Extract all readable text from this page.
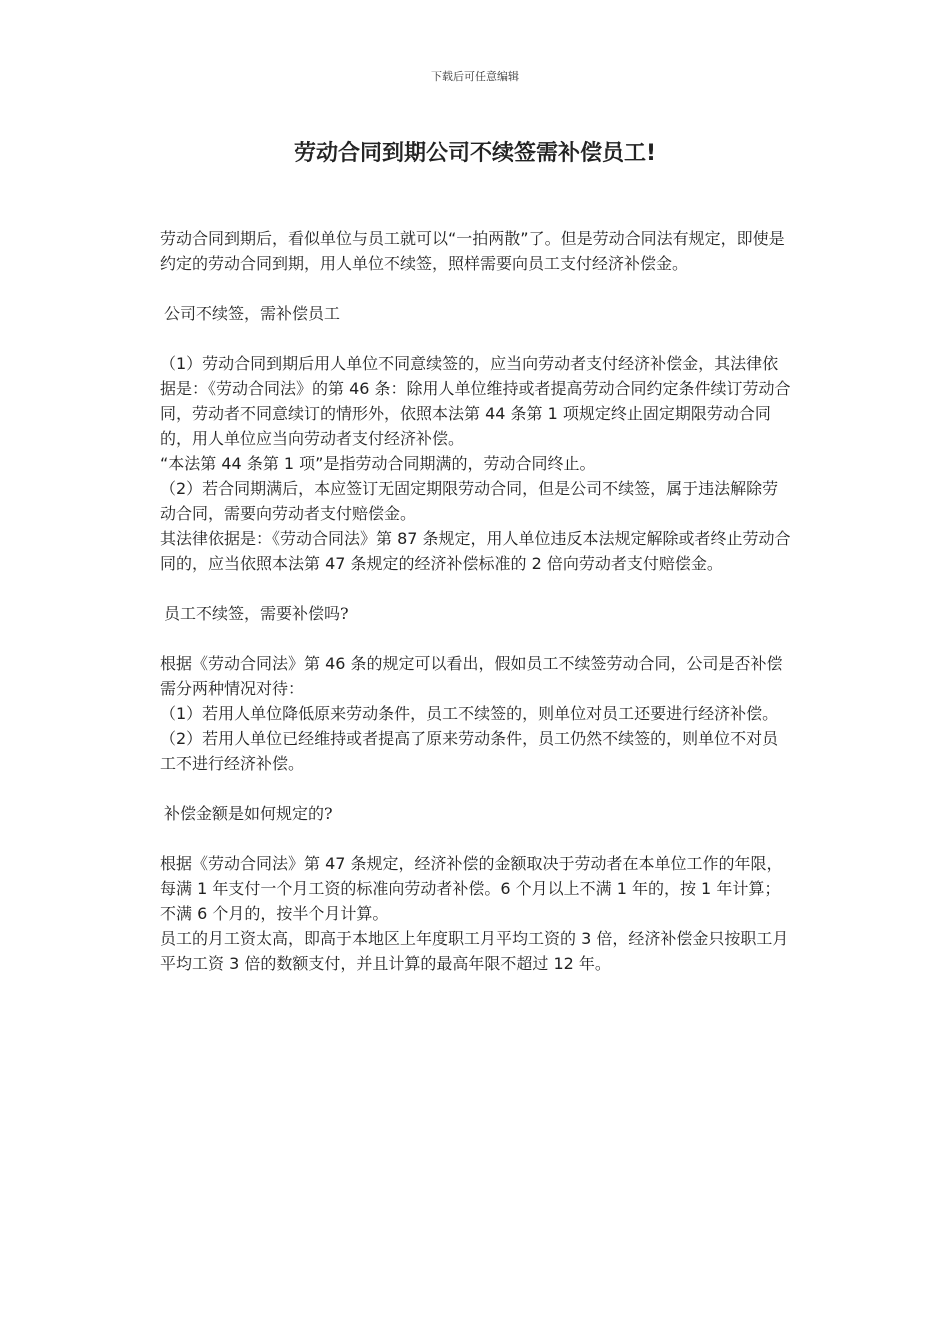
下载后可任意编辑
劳动合同到期公司不续签需补偿员工!

劳动合同到期后，看似单位与员工就可以“一拍两散”了。但是劳动合同法有规定，即使是约定的劳动合同到期，用人单位不续签，照样需要向员工支付经济补偿金。

公司不续签，需补偿员工

（1）劳动合同到期后用人单位不同意续签的，应当向劳动者支付经济补偿金，其法律依据是：《劳动合同法》的第 46 条：除用人单位维持或者提高劳动合同约定条件续订劳动合同，劳动者不同意续订的情形外，依照本法第 44 条第 1 项规定终止固定期限劳动合同的，用人单位应当向劳动者支付经济补偿。

“本法第 44 条第 1 项”是指劳动合同期满的，劳动合同终止。

（2）若合同期满后，本应签订无固定期限劳动合同，但是公司不续签，属于违法解除劳动合同，需要向劳动者支付赔偿金。

其法律依据是：《劳动合同法》第 87 条规定，用人单位违反本法规定解除或者终止劳动合同的，应当依照本法第 47 条规定的经济补偿标准的 2 倍向劳动者支付赔偿金。

员工不续签，需要补偿吗?

根据《劳动合同法》第 46 条的规定可以看出，假如员工不续签劳动合同，公司是否补偿需分两种情况对待：

（1）若用人单位降低原来劳动条件，员工不续签的，则单位对员工还要进行经济补偿。

（2）若用人单位已经维持或者提高了原来劳动条件，员工仍然不续签的，则单位不对员工不进行经济补偿。

补偿金额是如何规定的?

根据《劳动合同法》第 47 条规定，经济补偿的金额取决于劳动者在本单位工作的年限，每满 1 年支付一个月工资的标准向劳动者补偿。6 个月以上不满 1 年的，按 1 年计算；不满 6 个月的，按半个月计算。

员工的月工资太高，即高于本地区上年度职工月平均工资的 3 倍，经济补偿金只按职工月平均工资 3 倍的数额支付，并且计算的最高年限不超过 12 年。
